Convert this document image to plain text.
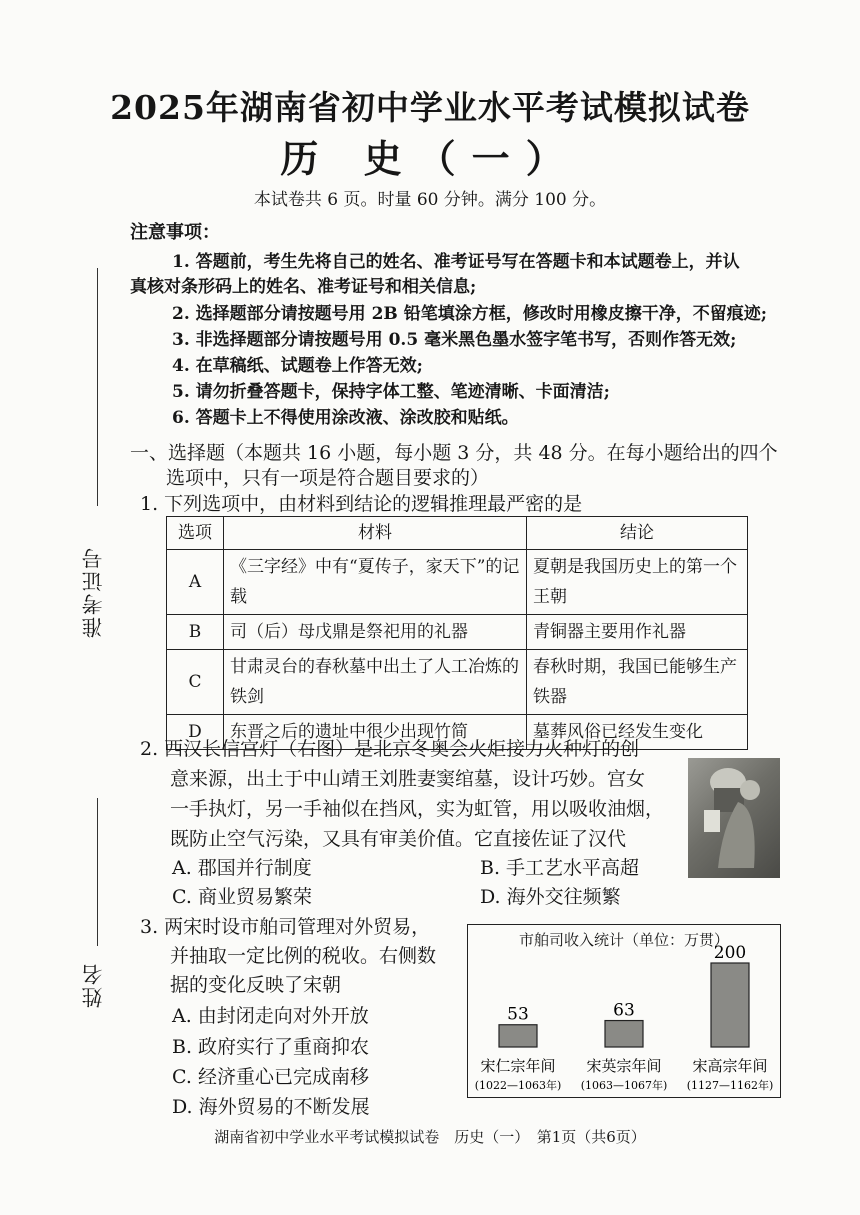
2025年湖南省初中学业水平考试模拟试卷
历 史（一）
本试卷共 6 页。时量 60 分钟。满分 100 分。
准考证号
姓名
注意事项：
1. 答题前，考生先将自己的姓名、准考证号写在答题卡和本试题卷上，并认
真核对条形码上的姓名、准考证号和相关信息;
2. 选择题部分请按题号用 2B 铅笔填涂方框，修改时用橡皮擦干净，不留痕迹;
3. 非选择题部分请按题号用 0.5 毫米黑色墨水签字笔书写，否则作答无效;
4. 在草稿纸、试题卷上作答无效;
5. 请勿折叠答题卡，保持字体工整、笔迹清晰、卡面清洁;
6. 答题卡上不得使用涂改液、涂改胶和贴纸。
一、选择题（本题共 16 小题，每小题 3 分，共 48 分。在每小题给出的四个
选项中，只有一项是符合题目要求的）
1. 下列选项中，由材料到结论的逻辑推理最严密的是
选项	材料	结论
A	《三字经》中有“夏传子，家天下”的记载	夏朝是我国历史上的第一个王朝
B	司（后）母戊鼎是祭祀用的礼器	青铜器主要用作礼器
C	甘肃灵台的春秋墓中出土了人工冶炼的铁剑	春秋时期，我国已能够生产铁器
D	东晋之后的遗址中很少出现竹简	墓葬风俗已经发生变化
2. 西汉长信宫灯（右图）是北京冬奥会火炬接力火种灯的创
意来源，出土于中山靖王刘胜妻窦绾墓，设计巧妙。宫女
一手执灯，另一手袖似在挡风，实为虹管，用以吸收油烟，
既防止空气污染，又具有审美价值。它直接佐证了汉代
A. 郡国并行制度	B. 手工艺水平高超
C. 商业贸易繁荣	D. 海外交往频繁
3. 两宋时设市舶司管理对外贸易，
并抽取一定比例的税收。右侧数
据的变化反映了宋朝
A. 由封闭走向对外开放
B. 政府实行了重商抑农
C. 经济重心已完成南移
D. 海外贸易的不断发展
市舶司收入统计（单位：万贯）
53
宋仁宗年间
(1022—1063年)
63
宋英宗年间
(1063—1067年)
200
宋高宗年间
(1127—1162年)
湖南省初中学业水平考试模拟试卷　历史（一）　第1页（共6页）
